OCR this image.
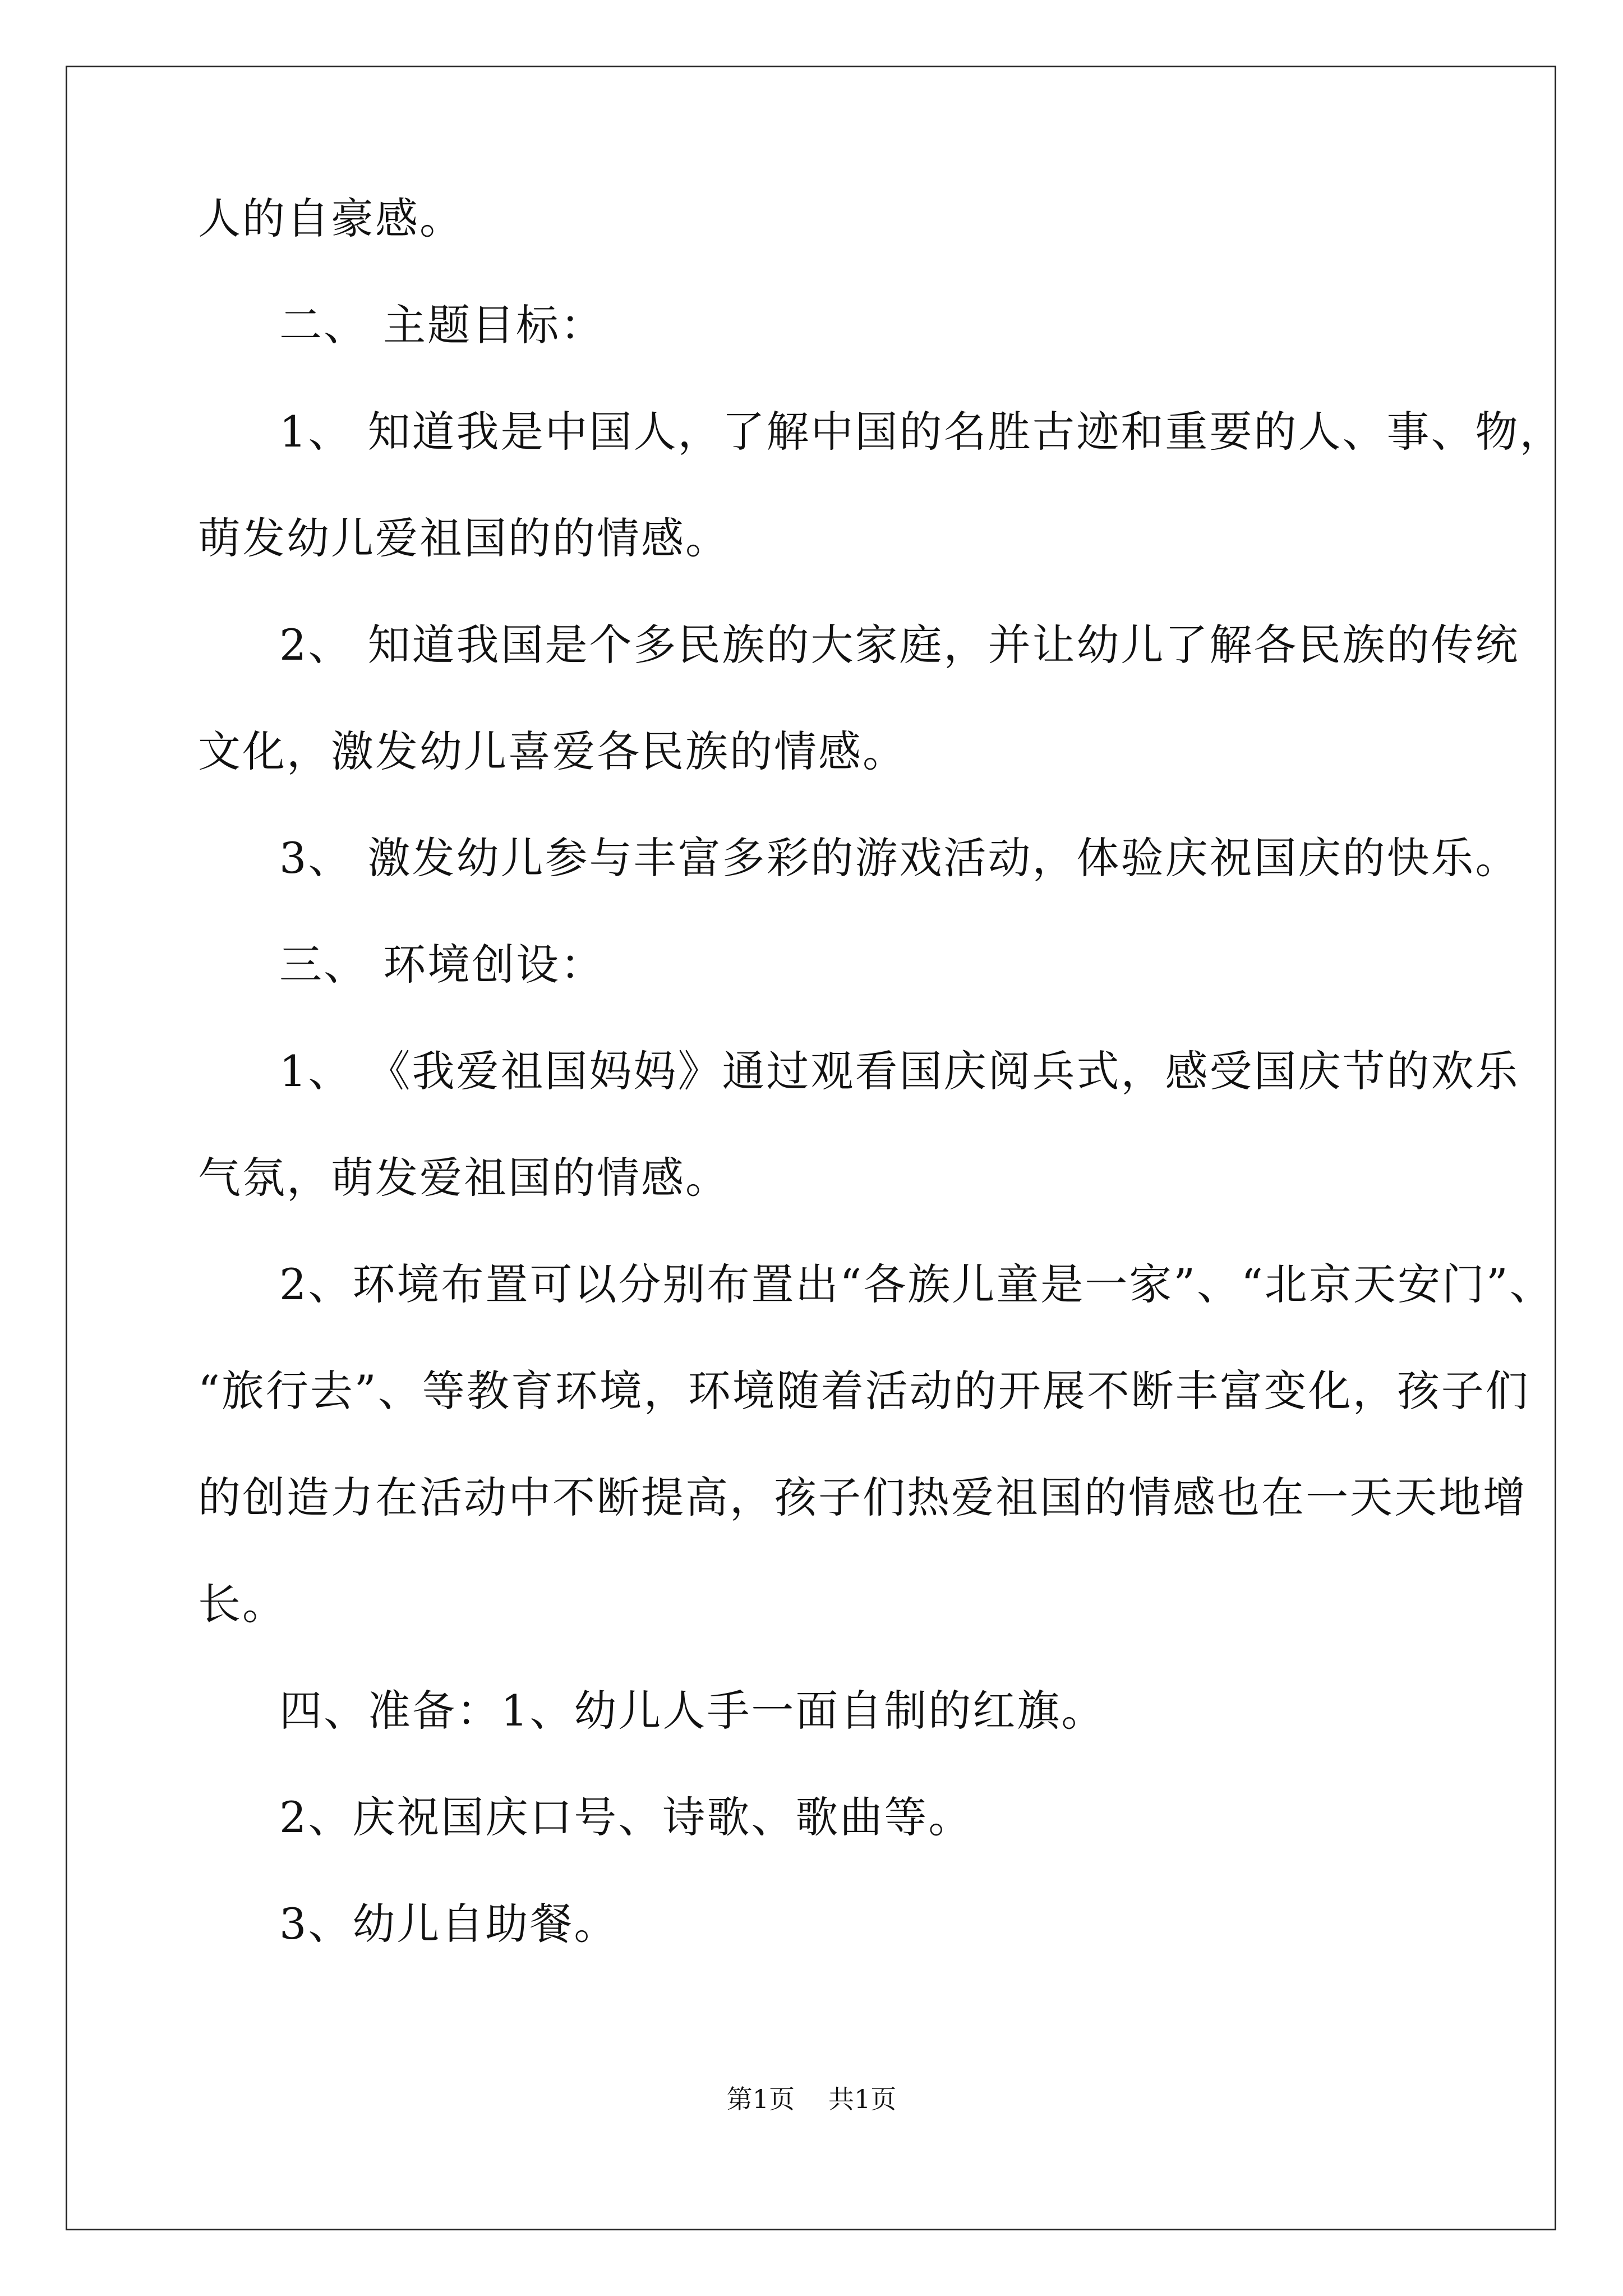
人的自豪感。
二、 主题目标：
1、 知道我是中国人，了解中国的名胜古迹和重要的人、事、物，
萌发幼儿爱祖国的的情感。
2、 知道我国是个多民族的大家庭，并让幼儿了解各民族的传统
文化，激发幼儿喜爱各民族的情感。
3、 激发幼儿参与丰富多彩的游戏活动，体验庆祝国庆的快乐。
三、 环境创设：
1、 《我爱祖国妈妈》通过观看国庆阅兵式，感受国庆节的欢乐
气氛，萌发爱祖国的情感。
2、环境布置可以分别布置出“各族儿童是一家”、“北京天安门”、
“旅行去”、等教育环境，环境随着活动的开展不断丰富变化，孩子们
的创造力在活动中不断提高，孩子们热爱祖国的情感也在一天天地增
长。
四、准备：1、幼儿人手一面自制的红旗。
2、庆祝国庆口号、诗歌、歌曲等。
3、幼儿自助餐。
第1页 共1页
